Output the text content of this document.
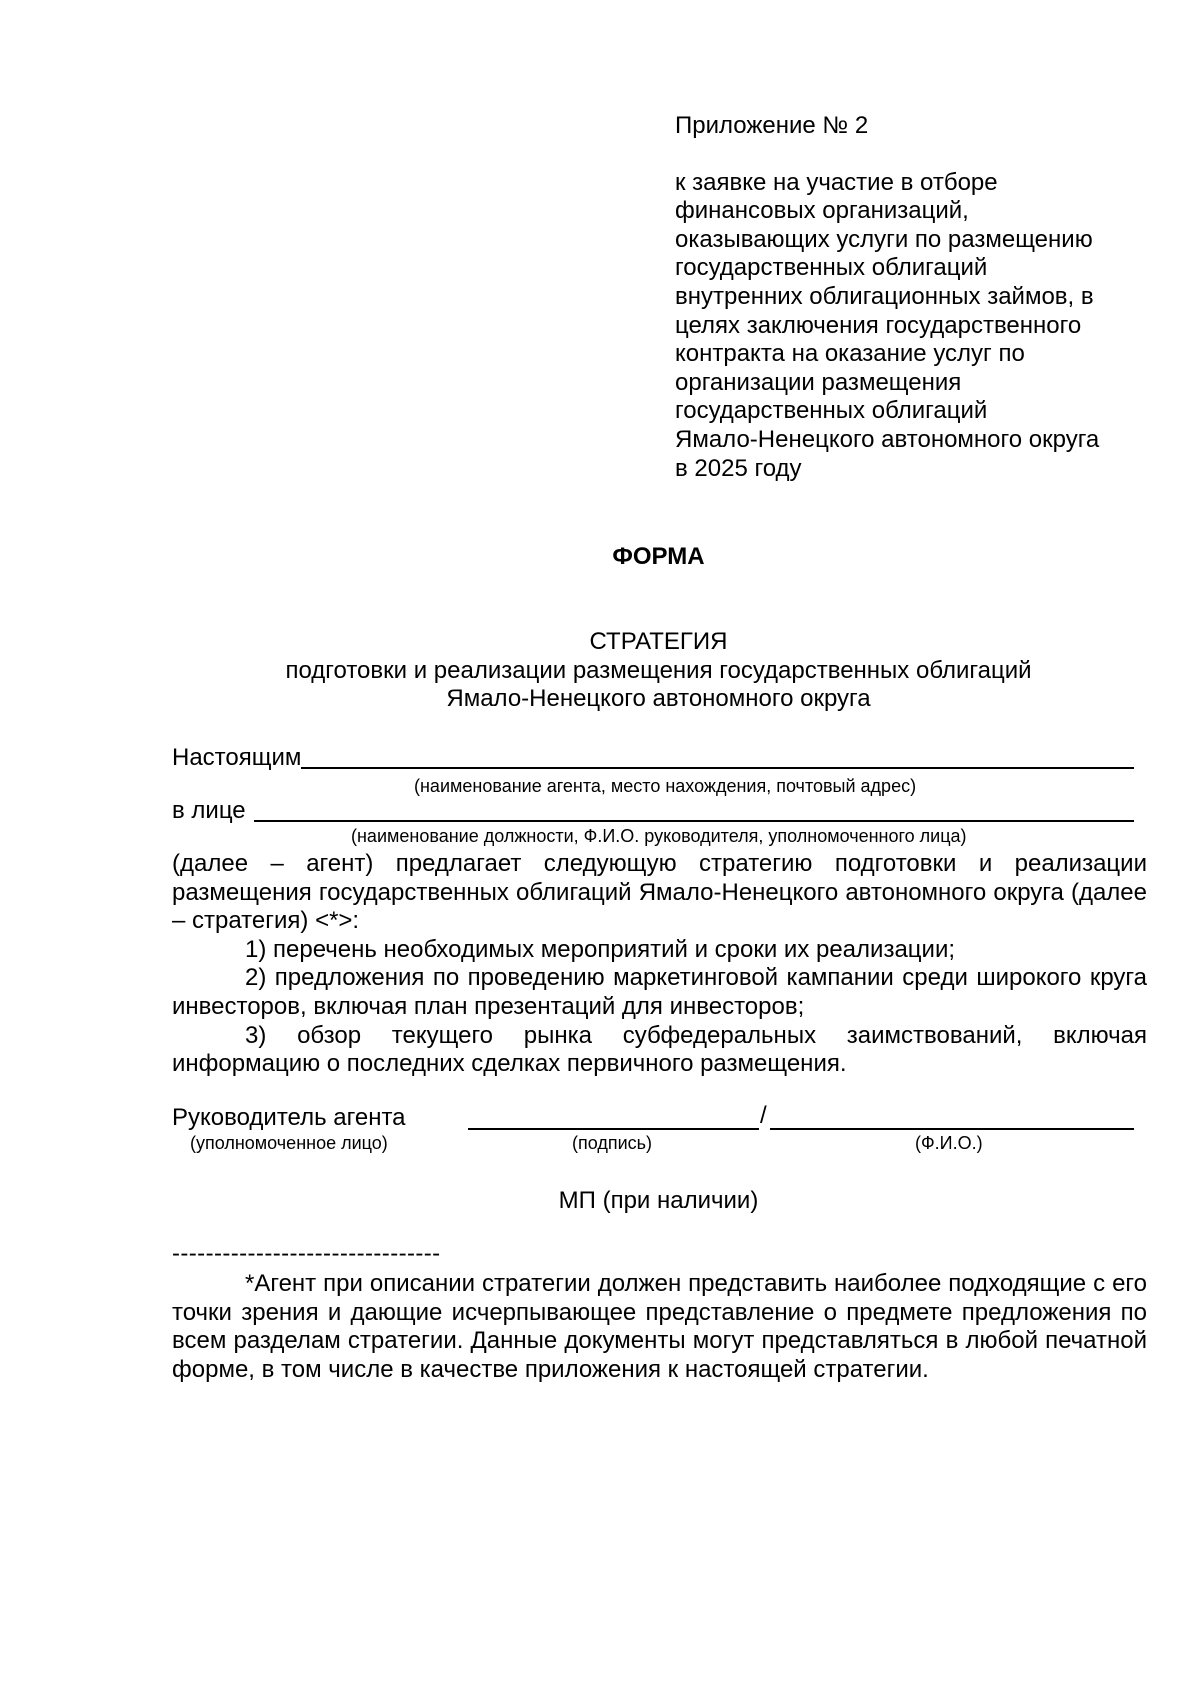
Приложение № 2
к заявке на участие в отборе
финансовых организаций,
оказывающих услуги по размещению
государственных облигаций
внутренних облигационных займов, в
целях заключения государственного
контракта на оказание услуг по
организации размещения
государственных облигаций
Ямало-Ненецкого автономного округа
в 2025 году
ФОРМА
СТРАТЕГИЯ
подготовки и реализации размещения государственных облигаций
Ямало-Ненецкого автономного округа
Настоящим
(наименование агента, место нахождения, почтовый адрес)
в лице
(наименование должности, Ф.И.О. руководителя, уполномоченного лица)

(далее – агент) предлагает следующую стратегию подготовки и реализации размещения государственных облигаций Ямало-Ненецкого автономного округа (далее – стратегия) <*>:

1) перечень необходимых мероприятий и сроки их реализации;

2) предложения по проведению маркетинговой кампании среди широкого круга инвесторов, включая план презентаций для инвесторов;

3) обзор текущего рынка субфедеральных заимствований, включая информацию о последних сделках первичного размещения.

Руководитель агента	/
(уполномоченное лицо)	(подпись)	(Ф.И.О.)
МП (при наличии)
--------------------------------

*Агент при описании стратегии должен представить наиболее подходящие с его точки зрения и дающие исчерпывающее представление о предмете предложения по всем разделам стратегии. Данные документы могут представляться в любой печатной форме, в том числе в качестве приложения к настоящей стратегии.
